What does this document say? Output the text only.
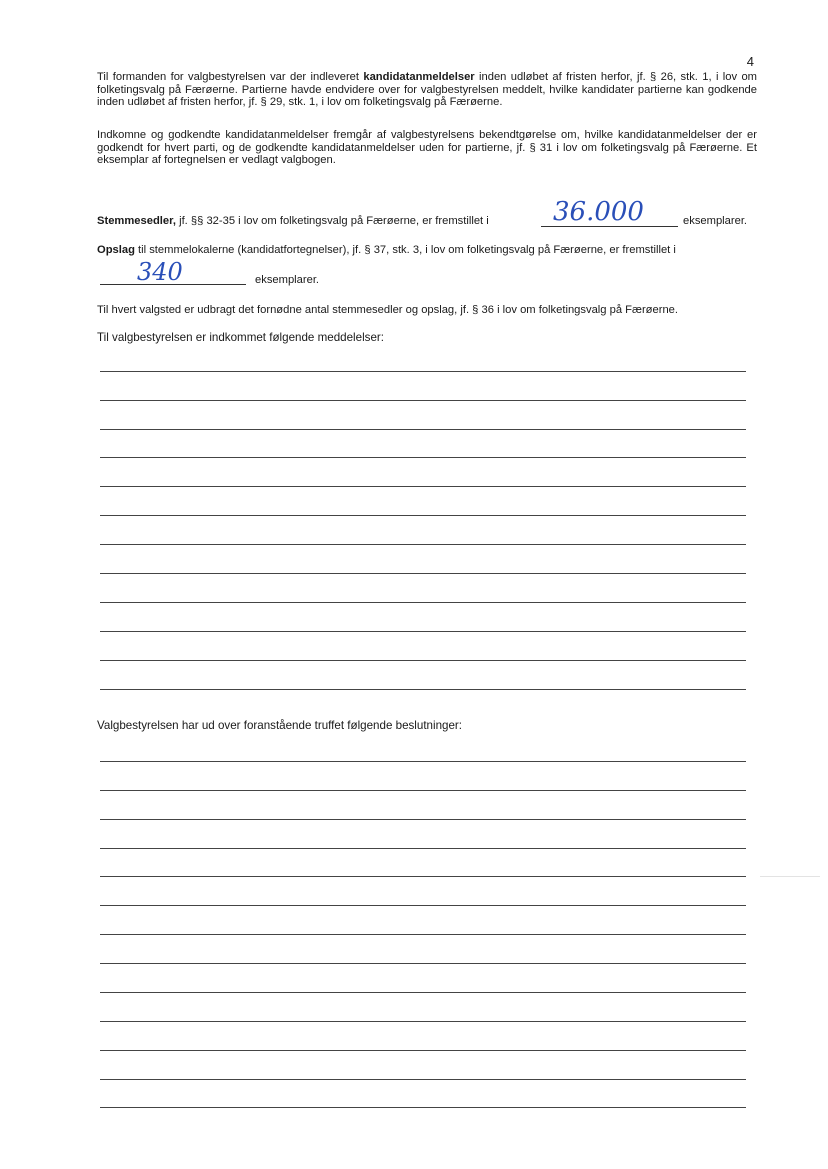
4

Til formanden for valgbestyrelsen var der indleveret kandidatanmeldelser inden udløbet af fristen herfor, jf. § 26, stk. 1, i lov om folketingsvalg på Færøerne. Partierne havde endvidere over for valgbestyrelsen meddelt, hvilke kandidater partierne kan godkende inden udløbet af fristen herfor, jf. § 29, stk. 1, i lov om folketingsvalg på Færøerne.

Indkomne og godkendte kandidatanmeldelser fremgår af valgbestyrelsens bekendtgørelse om, hvilke kandidatanmeldelser der er godkendt for hvert parti, og de godkendte kandidatanmeldelser uden for partierne, jf. § 31 i lov om folketingsvalg på Færøerne. Et eksemplar af fortegnelsen er vedlagt valgbogen.

Stemmesedler, jf. §§ 32-35 i lov om folketingsvalg på Færøerne, er fremstillet i 36.000	eksemplarer.
Opslag til stemmelokalerne (kandidatfortegnelser), jf. § 37, stk. 3, i lov om folketingsvalg på Færøerne, er fremstillet i
340	eksemplarer.
Til hvert valgsted er udbragt det fornødne antal stemmesedler og opslag, jf. § 36 i lov om folketingsvalg på Færøerne.
Til valgbestyrelsen er indkommet følgende meddelelser:
Valgbestyrelsen har ud over foranstående truffet følgende beslutninger:
